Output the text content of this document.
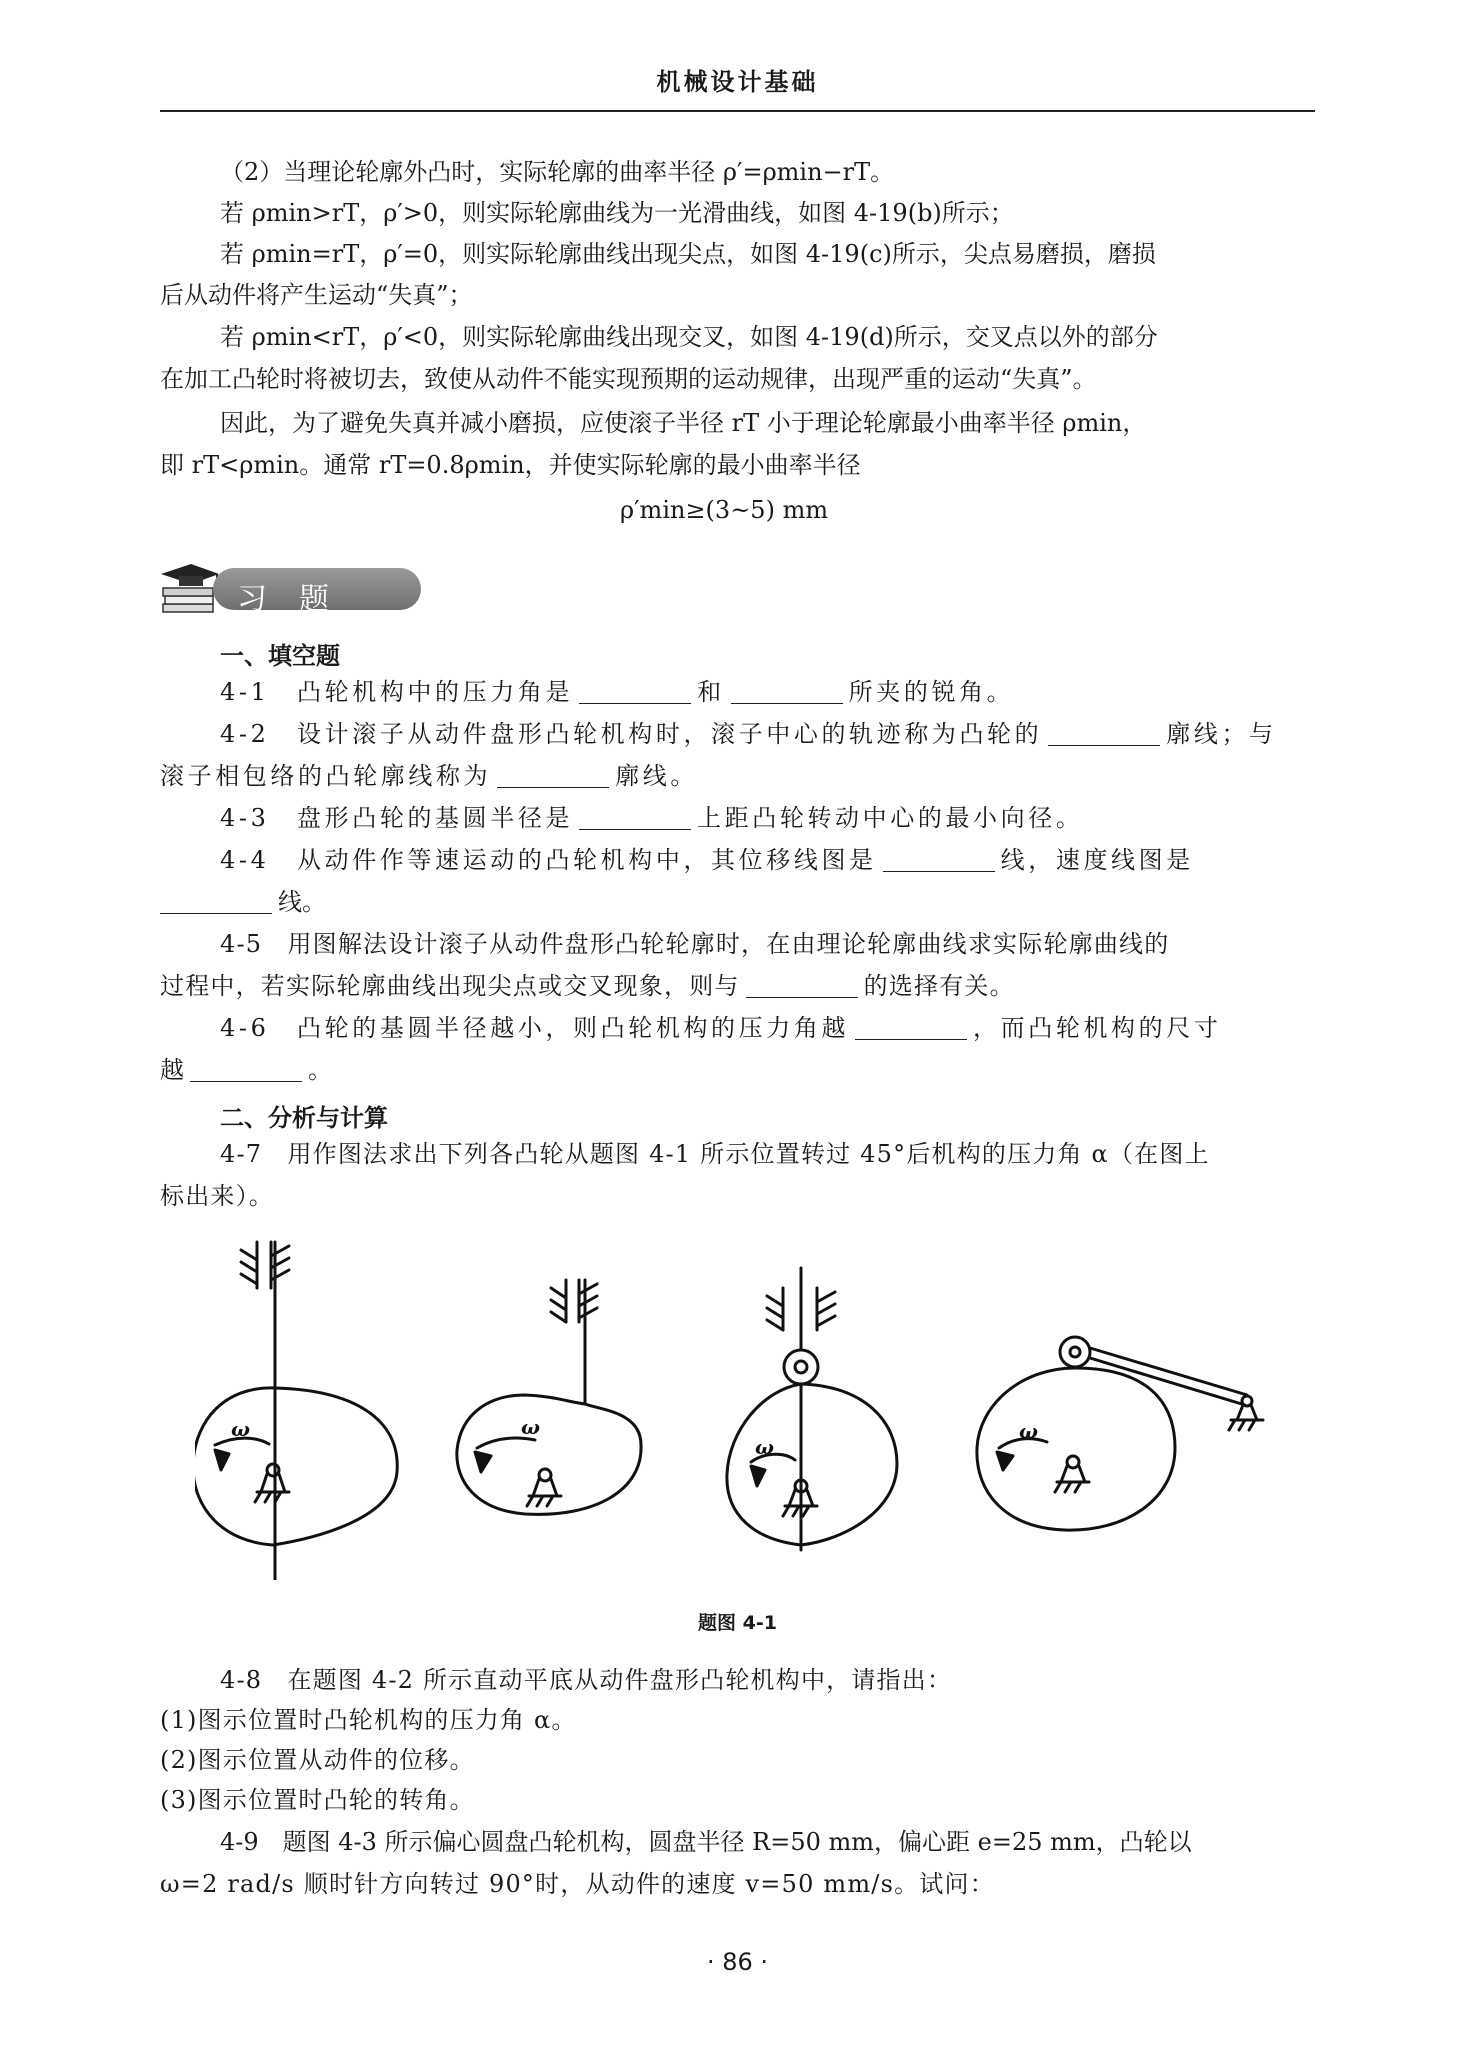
机械设计基础
（2）当理论轮廓外凸时，实际轮廓的曲率半径 ρ′=ρmin−rT。
若 ρmin>rT，ρ′>0，则实际轮廓曲线为一光滑曲线，如图 4-19(b)所示；
若 ρmin=rT，ρ′=0，则实际轮廓曲线出现尖点，如图 4-19(c)所示，尖点易磨损，磨损
后从动件将产生运动“失真”；
若 ρmin<rT，ρ′<0，则实际轮廓曲线出现交叉，如图 4-19(d)所示，交叉点以外的部分
在加工凸轮时将被切去，致使从动件不能实现预期的运动规律，出现严重的运动“失真”。
因此，为了避免失真并减小磨损，应使滚子半径 rT 小于理论轮廓最小曲率半径 ρmin，
即 rT<ρmin。通常 rT=0.8ρmin，并使实际轮廓的最小曲率半径
ρ′min≥(3~5) mm
习题
一、填空题
4-1　凸轮机构中的压力角是	和	所夹的锐角。
4-2　设计滚子从动件盘形凸轮机构时，滚子中心的轨迹称为凸轮的	廓线；与
滚子相包络的凸轮廓线称为	廓线。
4-3　盘形凸轮的基圆半径是	上距凸轮转动中心的最小向径。
4-4　从动件作等速运动的凸轮机构中，其位移线图是	线，速度线图是
线。
4-5　用图解法设计滚子从动件盘形凸轮轮廓时，在由理论轮廓曲线求实际轮廓曲线的
过程中，若实际轮廓曲线出现尖点或交叉现象，则与	的选择有关。
4-6　凸轮的基圆半径越小，则凸轮机构的压力角越	，而凸轮机构的尺寸
越	。
二、分析与计算
4-7　用作图法求出下列各凸轮从题图 4-1 所示位置转过 45°后机构的压力角 α（在图上
标出来）。
ω	ω
ω
ω
题图 4-1
4-8　在题图 4-2 所示直动平底从动件盘形凸轮机构中，请指出：
(1)图示位置时凸轮机构的压力角 α。
(2)图示位置从动件的位移。
(3)图示位置时凸轮的转角。
4-9　题图 4-3 所示偏心圆盘凸轮机构，圆盘半径 R=50 mm，偏心距 e=25 mm，凸轮以
ω=2 rad/s 顺时针方向转过 90°时，从动件的速度 v=50 mm/s。试问：
· 86 ·
